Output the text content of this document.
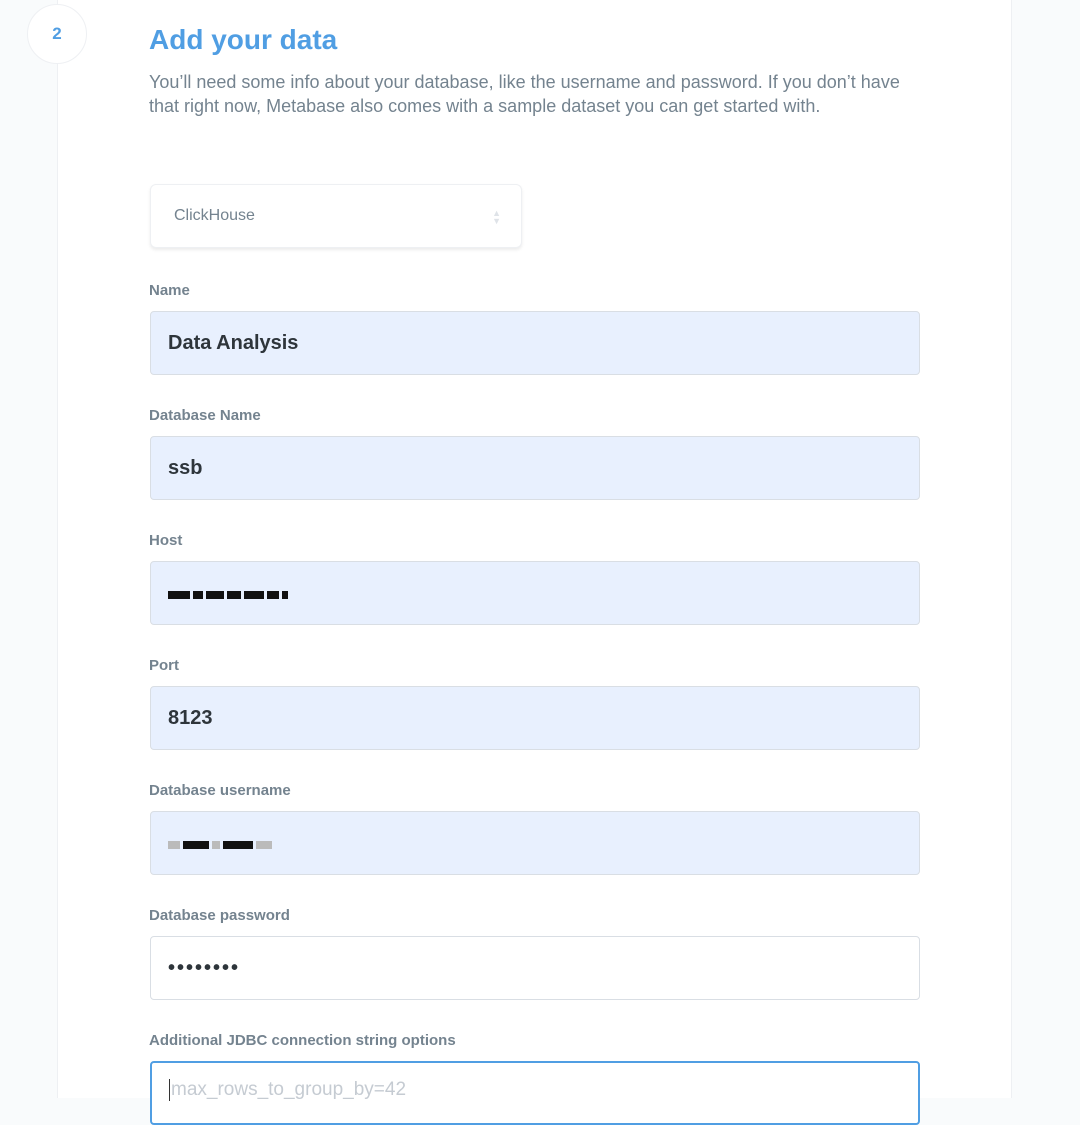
2	Add your data
You’ll need some info about your database, like the username and password. If you don’t have that right now, Metabase also comes with a sample dataset you can get started with.
ClickHouse	▲
▼
Name
Data Analysis
Database Name
ssb
Host
Port
8123
Database username
Database password
••••••••
Additional JDBC connection string options
max_rows_to_group_by=42
